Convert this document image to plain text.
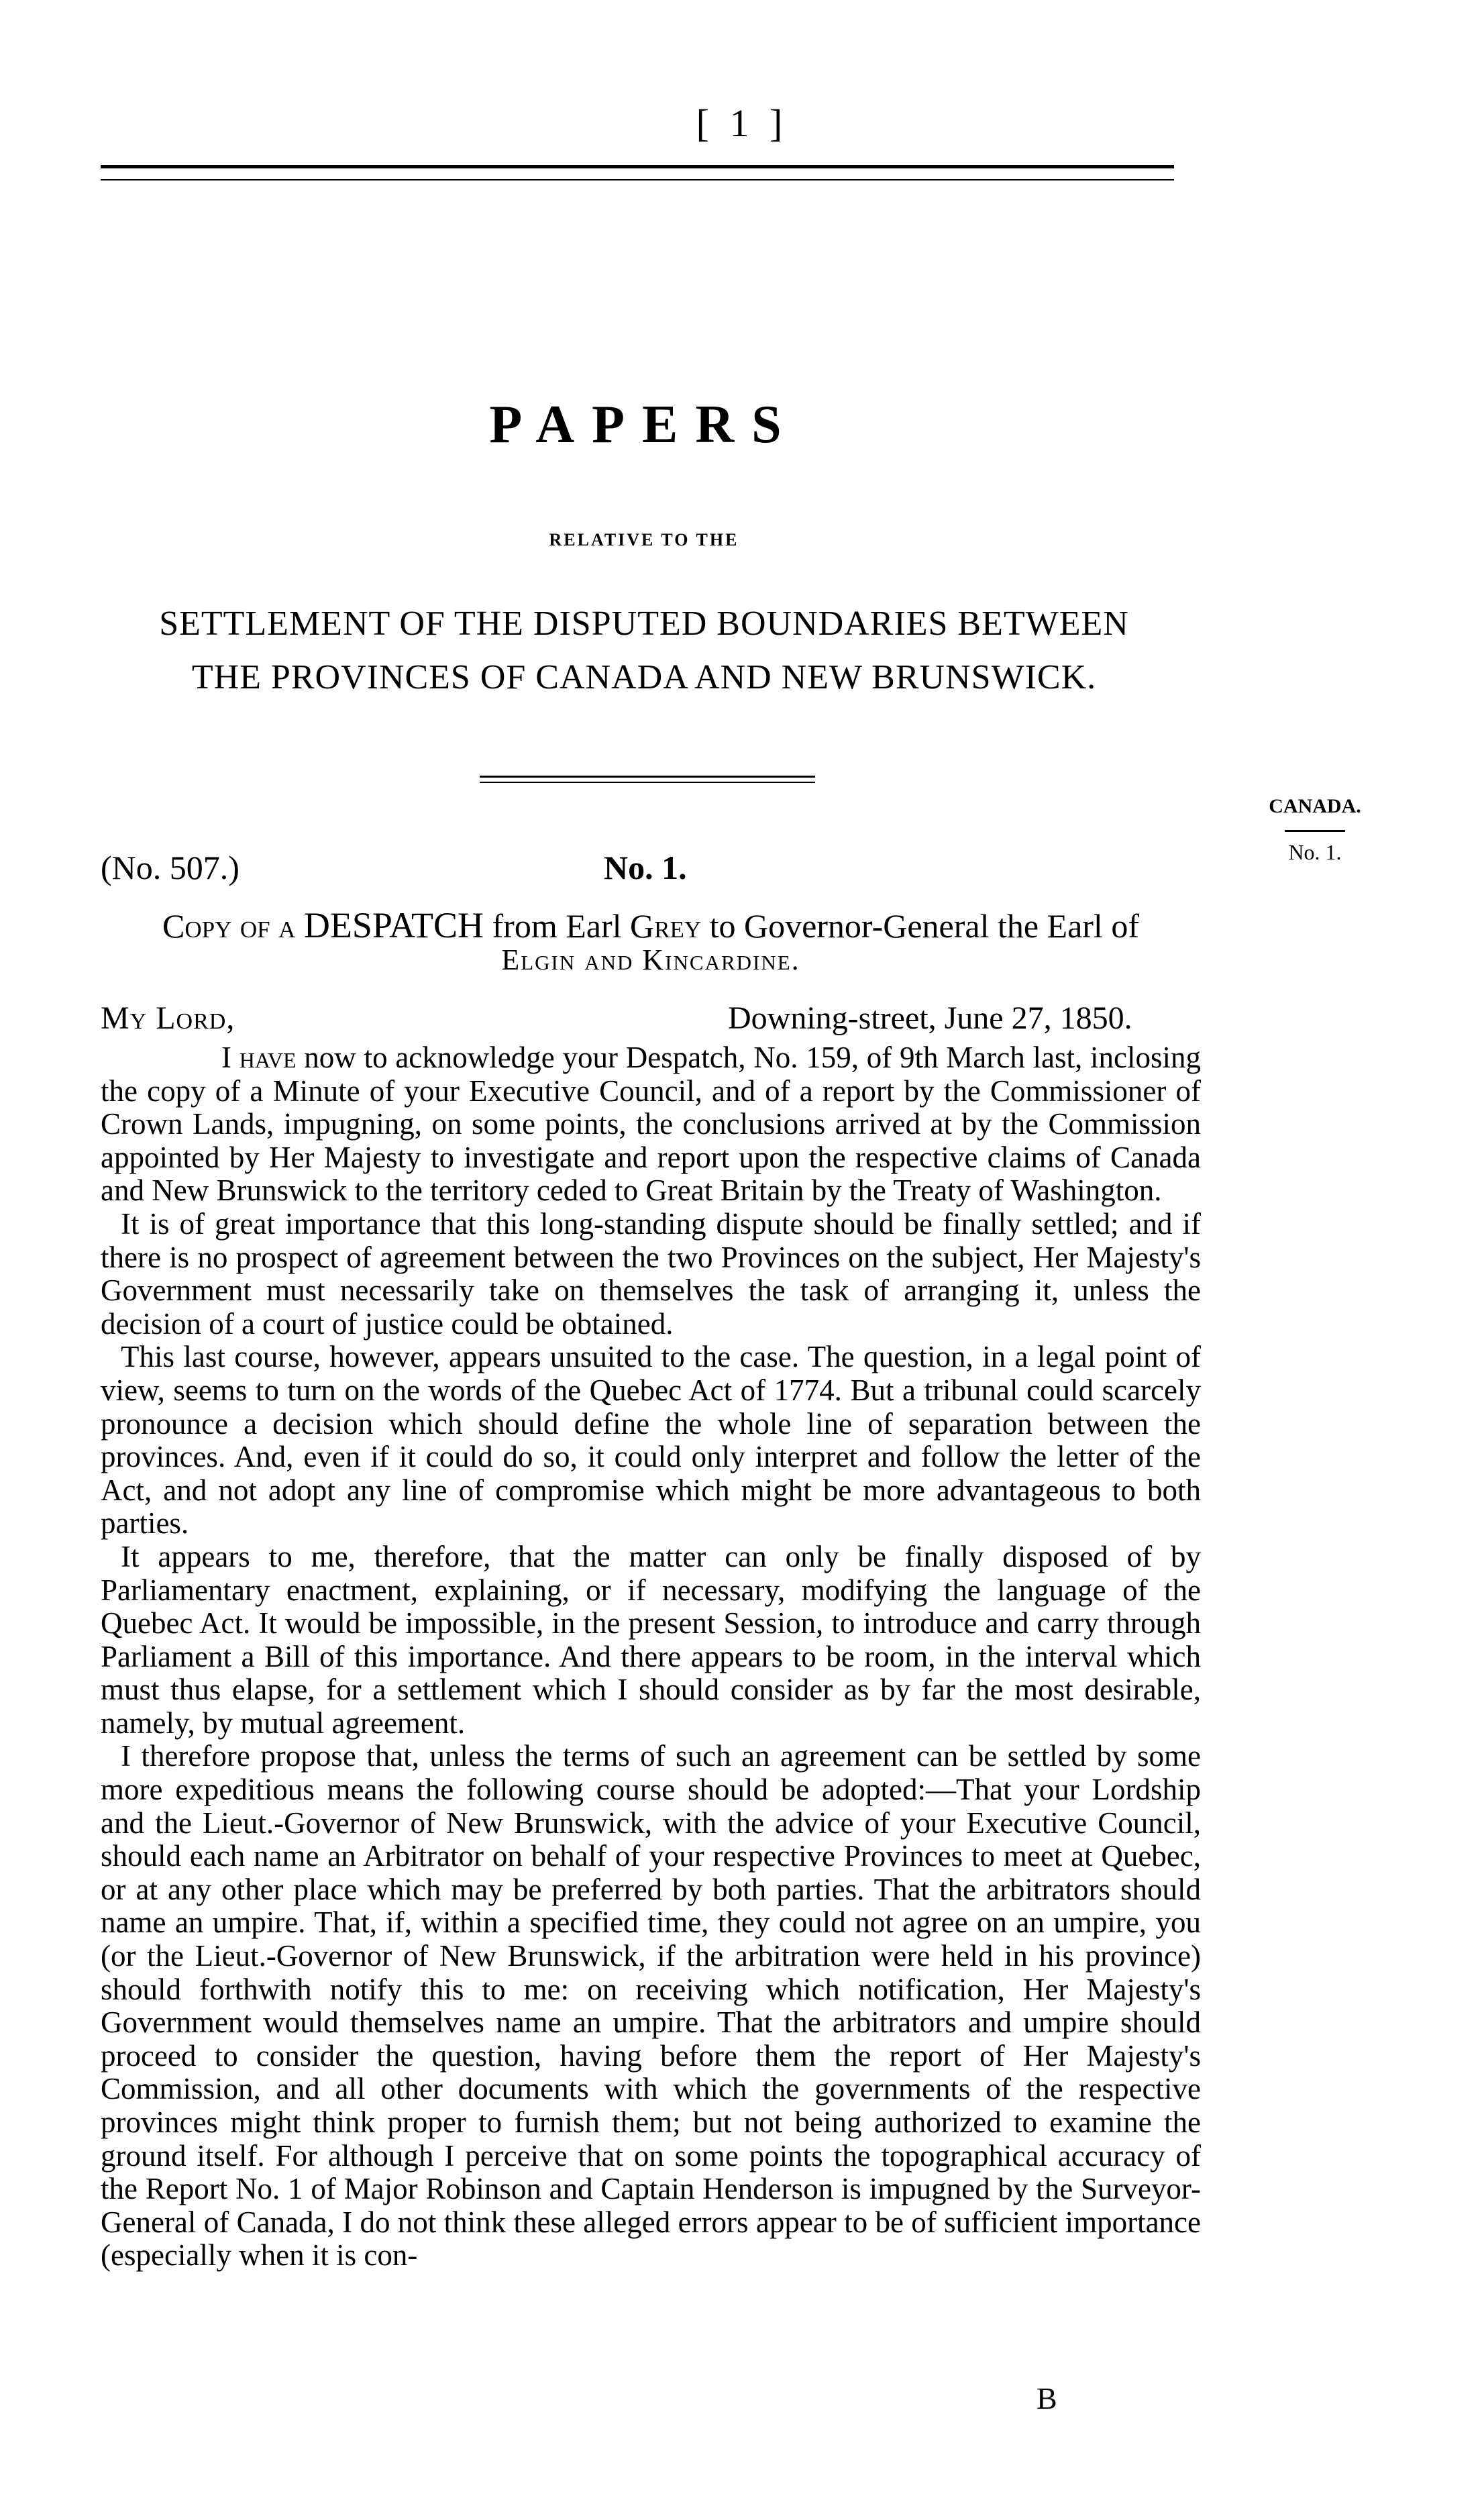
[ 1 ]
PAPERS
RELATIVE TO THE
SETTLEMENT OF THE DISPUTED BOUNDARIES BETWEEN
THE PROVINCES OF CANADA AND NEW BRUNSWICK.
CANADA.
No. 1.
(No. 507.)	No. 1.
Copy of a DESPATCH from Earl Grey to Governor-General the Earl of
Elgin and Kincardine.
My Lord,	Downing-street, June 27, 1850.

I have now to acknowledge your Despatch, No. 159, of 9th March last, inclosing the copy of a Minute of your Executive Council, and of a report by the Commissioner of Crown Lands, impugning, on some points, the conclusions arrived at by the Commission appointed by Her Majesty to investigate and report upon the respective claims of Canada and New Brunswick to the territory ceded to Great Britain by the Treaty of Washington.

It is of great importance that this long-standing dispute should be finally settled; and if there is no prospect of agreement between the two Provinces on the subject, Her Majesty's Government must necessarily take on themselves the task of arranging it, unless the decision of a court of justice could be obtained.

This last course, however, appears unsuited to the case. The question, in a legal point of view, seems to turn on the words of the Quebec Act of 1774. But a tribunal could scarcely pronounce a decision which should define the whole line of separation between the provinces. And, even if it could do so, it could only interpret and follow the letter of the Act, and not adopt any line of compromise which might be more advantageous to both parties.

It appears to me, therefore, that the matter can only be finally disposed of by Parliamentary enactment, explaining, or if necessary, modifying the language of the Quebec Act. It would be impossible, in the present Session, to introduce and carry through Parliament a Bill of this importance. And there appears to be room, in the interval which must thus elapse, for a settlement which I should consider as by far the most desirable, namely, by mutual agreement.

I therefore propose that, unless the terms of such an agreement can be settled by some more expeditious means the following course should be adopted:—That your Lordship and the Lieut.-Governor of New Brunswick, with the advice of your Executive Council, should each name an Arbitrator on behalf of your respective Provinces to meet at Quebec, or at any other place which may be preferred by both parties. That the arbitrators should name an umpire. That, if, within a specified time, they could not agree on an umpire, you (or the Lieut.-Governor of New Brunswick, if the arbitration were held in his province) should forthwith notify this to me: on receiving which notification, Her Majesty's Government would themselves name an umpire. That the arbitrators and umpire should proceed to consider the question, having before them the report of Her Majesty's Commission, and all other documents with which the governments of the respective provinces might think proper to furnish them; but not being authorized to examine the ground itself. For although I perceive that on some points the topographical accuracy of the Report No. 1 of Major Robinson and Captain Henderson is impugned by the Surveyor-General of Canada, I do not think these alleged errors appear to be of sufficient importance (especially when it is con-

B
